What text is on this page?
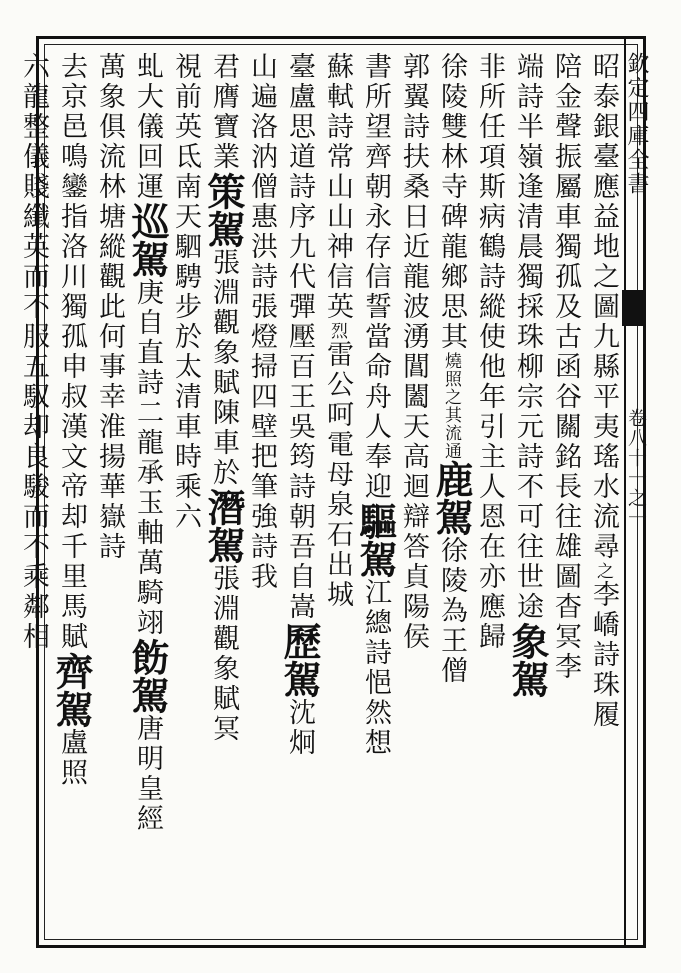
欽定四庫全書
卷八十一之一
昭泰銀臺應益地之圖九縣平夷瑤水流尋之李嶠詩珠履
陪金聲振屬車獨孤及古函谷關銘長往雄圖杳冥李
端詩半嶺逢清晨獨採珠柳宗元詩不可往世途象駕
非所任項斯病鶴詩縱使他年引主人恩在亦應歸
徐陵雙林寺碑龍鄉思其燒照之其流通鹿駕徐陵為王僧
郭翼詩扶桑日近龍波湧閶闔天高迴辯答貞陽侯
書所望齊朝永存信誓當命舟人奉迎驅駕江總詩悒然想
蘇軾詩常山山神信英烈雷公呵電母泉石出城
臺盧思道詩序九代彈壓百王吳筠詩朝吾自嵩歷駕沈炯
山遍洛汭僧惠洪詩張燈掃四壁把筆強詩我
君膺寶業策駕張淵觀象賦陳車於潛駕張淵觀象賦冥
視前英氐南天駟騁步於太清車時乘六
虬大儀回運巡駕庚自直詩二龍承玉軸萬騎翊飭駕唐明皇經
萬象俱流林塘縱觀此何事幸淮揚華嶽詩
去京邑鳴鑾指洛川獨孤申叔漢文帝却千里馬賦齊駕盧照
六龍整儀賤纖英而不服五馭却良駿而不乘鄰相
